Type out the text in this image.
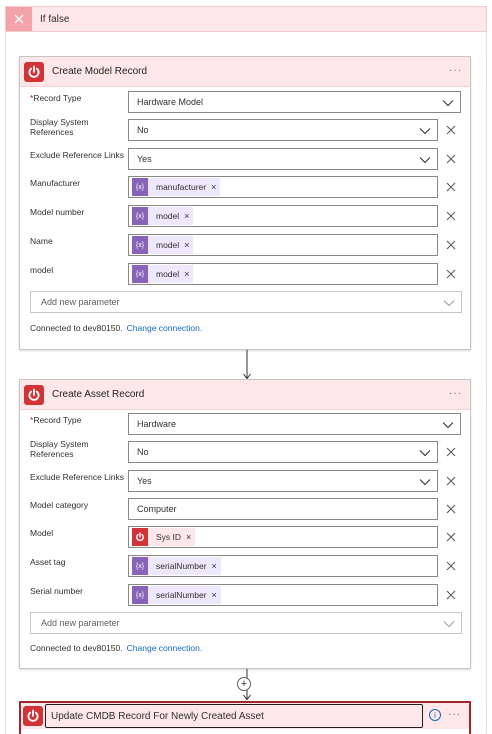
If false
Create Model Record	···
*Record Type	Hardware Model
Display System References	No
Exclude Reference Links Yes
Manufacturer	{x}	manufacturer ×
Model number	{x}	model ×
Name	{x}	model ×
model	{x}	model ×
Add new parameter
Connected to dev80150. Change connection.
Create Asset Record	···
*Record Type	Hardware
Display System References	No
Exclude Reference Links Yes
Model category	Computer
Model	Sys ID ×
Asset tag	{x}	serialNumber ×
Serial number	{x}	serialNumber ×
Add new parameter
Connected to dev80150. Change connection.
+
Update CMDB Record For Newly Created Asset	i	···
